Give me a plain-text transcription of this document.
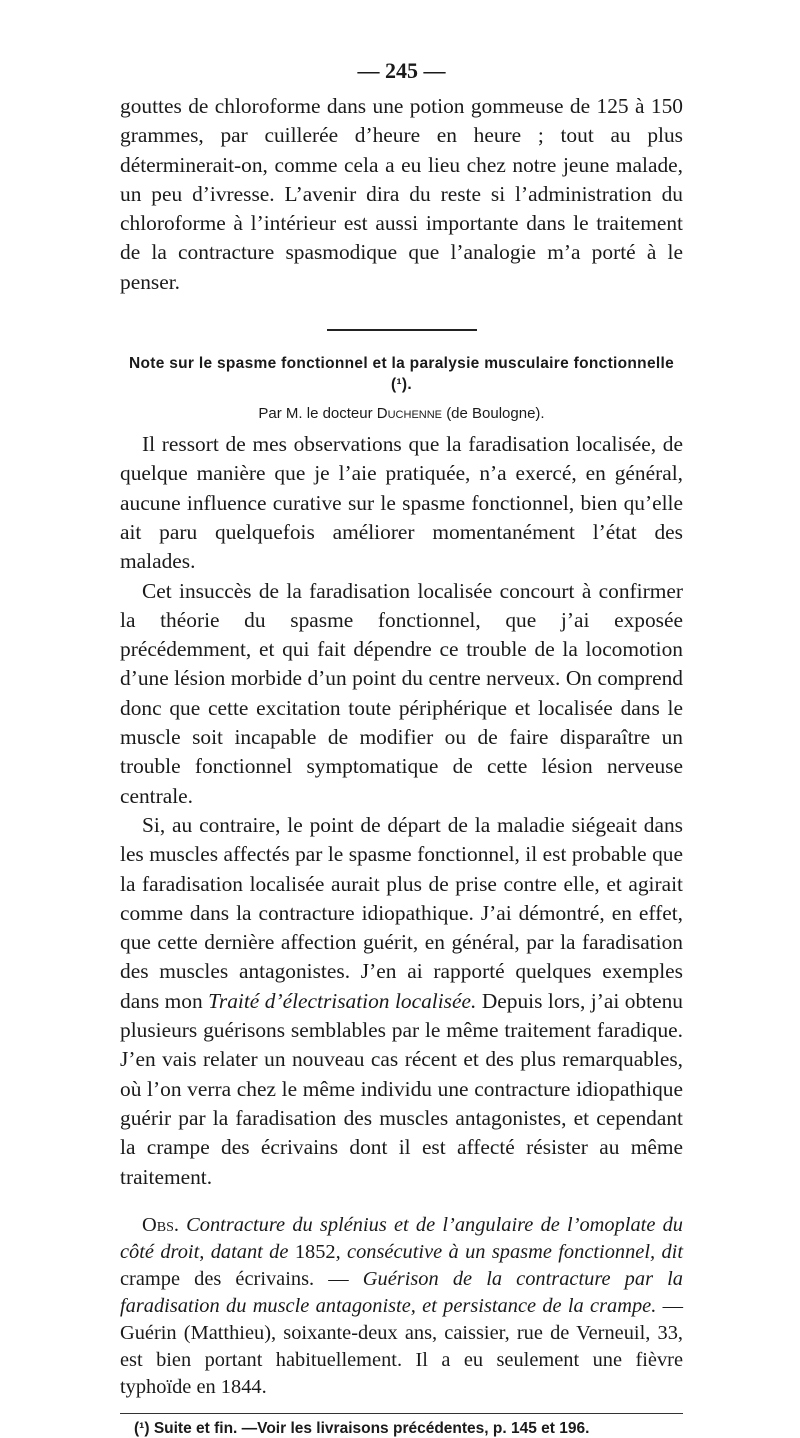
— 245 —

gouttes de chloroforme dans une potion gommeuse de 125 à 150 grammes, par cuillerée d’heure en heure ; tout au plus déterminerait-on, comme cela a eu lieu chez notre jeune malade, un peu d’ivresse. L’avenir dira du reste si l’administration du chloroforme à l’intérieur est aussi importante dans le traitement de la contracture spasmodique que l’analogie m’a porté à le penser.

Note sur le spasme fonctionnel et la paralysie musculaire fonctionnelle (¹).

Par M. le docteur Duchenne (de Boulogne).

Il ressort de mes observations que la faradisation localisée, de quelque manière que je l’aie pratiquée, n’a exercé, en général, aucune influence curative sur le spasme fonctionnel, bien qu’elle ait paru quelquefois améliorer momentanément l’état des malades.

Cet insuccès de la faradisation localisée concourt à confirmer la théorie du spasme fonctionnel, que j’ai exposée précédemment, et qui fait dépendre ce trouble de la locomotion d’une lésion morbide d’un point du centre nerveux. On comprend donc que cette excitation toute périphérique et localisée dans le muscle soit incapable de modifier ou de faire disparaître un trouble fonctionnel symptomatique de cette lésion nerveuse centrale.

Si, au contraire, le point de départ de la maladie siégeait dans les muscles affectés par le spasme fonctionnel, il est probable que la faradisation localisée aurait plus de prise contre elle, et agirait comme dans la contracture idiopathique. J’ai démontré, en effet, que cette dernière affection guérit, en général, par la faradisation des muscles antagonistes. J’en ai rapporté quelques exemples dans mon Traité d’électrisation localisée. Depuis lors, j’ai obtenu plusieurs guérisons semblables par le même traitement faradique. J’en vais relater un nouveau cas récent et des plus remarquables, où l’on verra chez le même individu une contracture idiopathique guérir par la faradisation des muscles antagonistes, et cependant la crampe des écrivains dont il est affecté résister au même traitement.

Obs. Contracture du splénius et de l’angulaire de l’omoplate du côté droit, datant de 1852, consécutive à un spasme fonctionnel, dit crampe des écrivains. — Guérison de la contracture par la faradisation du muscle antagoniste, et persistance de la crampe. —Guérin (Matthieu), soixante-deux ans, caissier, rue de Verneuil, 33, est bien portant habituellement. Il a eu seulement une fièvre typhoïde en 1844.

(¹) Suite et fin. —Voir les livraisons précédentes, p. 145 et 196.
